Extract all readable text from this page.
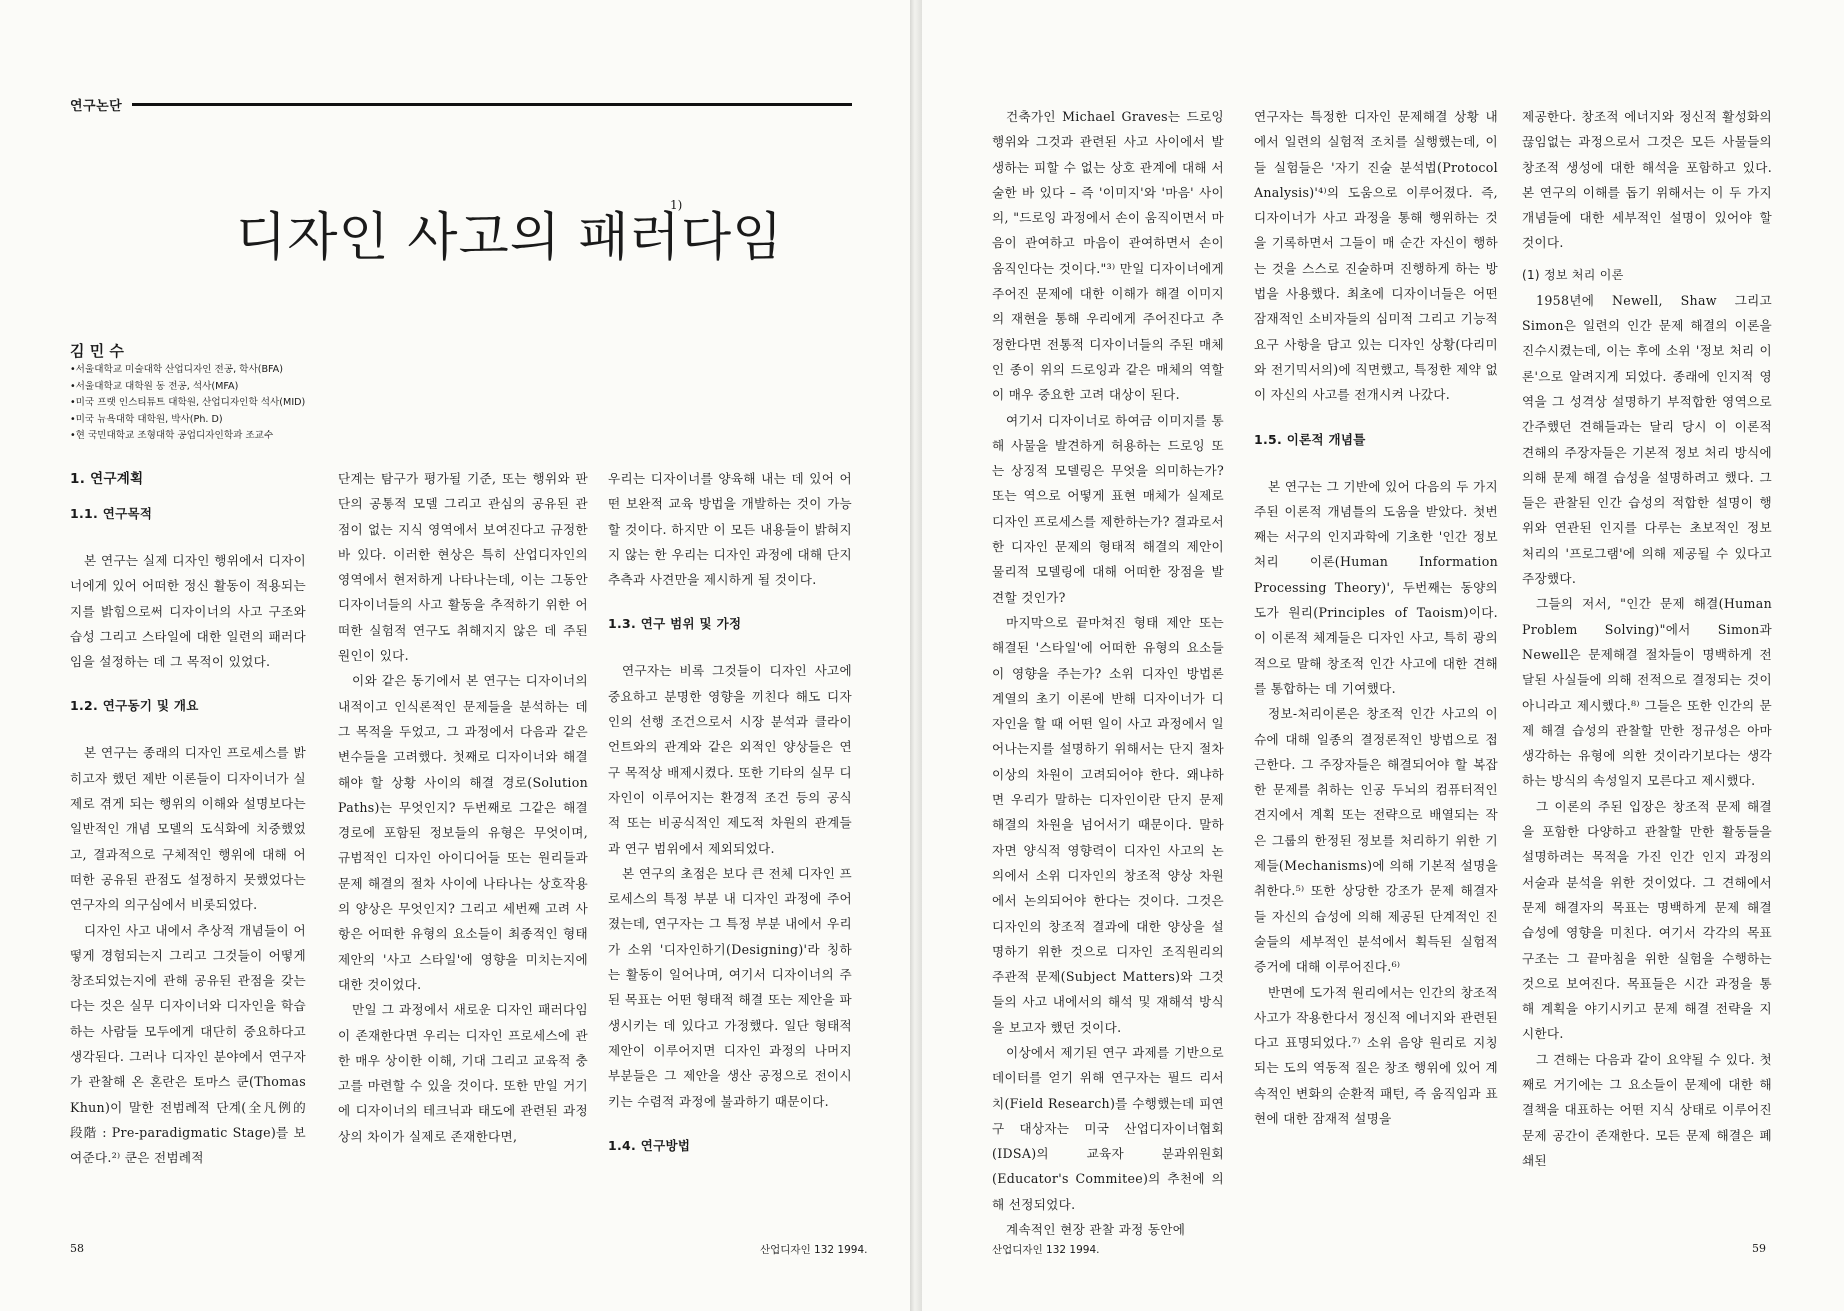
연구논단
디자인 사고의 패러다임
1)
김 민 수
•서울대학교 미술대학 산업디자인 전공, 학사(BFA)
•서울대학교 대학원 동 전공, 석사(MFA)
•미국 프랫 인스티튜트 대학원, 산업디자인학 석사(MID)
•미국 뉴욕대학 대학원, 박사(Ph. D)
•현 국민대학교 조형대학 공업디자인학과 조교수
1. 연구계획
1.1. 연구목적

본 연구는 실제 디자인 행위에서 디자이너에게 있어 어떠한 정신 활동이 적용되는지를 밝힘으로써 디자이너의 사고 구조와 습성 그리고 스타일에 대한 일련의 패러다임을 설정하는 데 그 목적이 있었다.

1.2. 연구동기 및 개요

본 연구는 종래의 디자인 프로세스를 밝히고자 했던 제반 이론들이 디자이너가 실제로 겪게 되는 행위의 이해와 설명보다는 일반적인 개념 모델의 도식화에 치중했었고, 결과적으로 구체적인 행위에 대해 어떠한 공유된 관점도 설정하지 못했었다는 연구자의 의구심에서 비롯되었다.

디자인 사고 내에서 추상적 개념들이 어떻게 경험되는지 그리고 그것들이 어떻게 창조되었는지에 관해 공유된 관점을 갖는다는 것은 실무 디자이너와 디자인을 학습하는 사람들 모두에게 대단히 중요하다고 생각된다. 그러나 디자인 분야에서 연구자가 관찰해 온 혼란은 토마스 쿤(Thomas Khun)이 말한 전범례적 단계(全凡例的 段階 : Pre-paradigmatic Stage)를 보여준다.²⁾ 쿤은 전범례적

단계는 탐구가 평가될 기준, 또는 행위와 판단의 공통적 모델 그리고 관심의 공유된 관점이 없는 지식 영역에서 보여진다고 규정한 바 있다. 이러한 현상은 특히 산업디자인의 영역에서 현저하게 나타나는데, 이는 그동안 디자이너들의 사고 활동을 추적하기 위한 어떠한 실험적 연구도 취해지지 않은 데 주된 원인이 있다.

이와 같은 동기에서 본 연구는 디자이너의 내적이고 인식론적인 문제들을 분석하는 데 그 목적을 두었고, 그 과정에서 다음과 같은 변수들을 고려했다. 첫째로 디자이너와 해결해야 할 상황 사이의 해결 경로(Solution Paths)는 무엇인지? 두번째로 그같은 해결 경로에 포함된 정보들의 유형은 무엇이며, 규범적인 디자인 아이디어들 또는 원리들과 문제 해결의 절차 사이에 나타나는 상호작용의 양상은 무엇인지? 그리고 세번째 고려 사항은 어떠한 유형의 요소들이 최종적인 형태 제안의 '사고 스타일'에 영향을 미치는지에 대한 것이었다.

만일 그 과정에서 새로운 디자인 패러다임이 존재한다면 우리는 디자인 프로세스에 관한 매우 상이한 이해, 기대 그리고 교육적 충고를 마련할 수 있을 것이다. 또한 만일 거기에 디자이너의 테크닉과 태도에 관련된 과정상의 차이가 실제로 존재한다면,

우리는 디자이너를 양육해 내는 데 있어 어떤 보완적 교육 방법을 개발하는 것이 가능할 것이다. 하지만 이 모든 내용들이 밝혀지지 않는 한 우리는 디자인 과정에 대해 단지 추측과 사견만을 제시하게 될 것이다.

1.3. 연구 범위 및 가정

연구자는 비록 그것들이 디자인 사고에 중요하고 분명한 영향을 끼친다 해도 디자인의 선행 조건으로서 시장 분석과 클라이언트와의 관계와 같은 외적인 양상들은 연구 목적상 배제시켰다. 또한 기타의 실무 디자인이 이루어지는 환경적 조건 등의 공식적 또는 비공식적인 제도적 차원의 관계들과 연구 범위에서 제외되었다.

본 연구의 초점은 보다 큰 전체 디자인 프로세스의 특정 부분 내 디자인 과정에 주어졌는데, 연구자는 그 특정 부분 내에서 우리가 소위 '디자인하기(Designing)'라 칭하는 활동이 일어나며, 여기서 디자이너의 주된 목표는 어떤 형태적 해결 또는 제안을 파생시키는 데 있다고 가정했다. 일단 형태적 제안이 이루어지면 디자인 과정의 나머지 부분들은 그 제안을 생산 공정으로 전이시키는 수렴적 과정에 불과하기 때문이다.

1.4. 연구방법
58	산업디자인 132 1994.

건축가인 Michael Graves는 드로잉 행위와 그것과 관련된 사고 사이에서 발생하는 피할 수 없는 상호 관계에 대해 서술한 바 있다 – 즉 '이미지'와 '마음' 사이의, "드로잉 과정에서 손이 움직이면서 마음이 관여하고 마음이 관여하면서 손이 움직인다는 것이다."³⁾ 만일 디자이너에게 주어진 문제에 대한 이해가 해결 이미지의 재현을 통해 우리에게 주어진다고 추정한다면 전통적 디자이너들의 주된 매체인 종이 위의 드로잉과 같은 매체의 역할이 매우 중요한 고려 대상이 된다.

여기서 디자이너로 하여금 이미지를 통해 사물을 발견하게 허용하는 드로잉 또는 상징적 모델링은 무엇을 의미하는가? 또는 역으로 어떻게 표현 매체가 실제로 디자인 프로세스를 제한하는가? 결과로서 한 디자인 문제의 형태적 해결의 제안이 물리적 모델링에 대해 어떠한 장점을 발견할 것인가?

마지막으로 끝마쳐진 형태 제안 또는 해결된 '스타일'에 어떠한 유형의 요소들이 영향을 주는가? 소위 디자인 방법론 계열의 초기 이론에 반해 디자이너가 디자인을 할 때 어떤 일이 사고 과정에서 일어나는지를 설명하기 위해서는 단지 절차 이상의 차원이 고려되어야 한다. 왜냐하면 우리가 말하는 디자인이란 단지 문제 해결의 차원을 넘어서기 때문이다. 말하자면 양식적 영향력이 디자인 사고의 논의에서 소위 디자인의 창조적 양상 차원에서 논의되어야 한다는 것이다. 그것은 디자인의 창조적 결과에 대한 양상을 설명하기 위한 것으로 디자인 조직원리의 주관적 문제(Subject Matters)와 그것들의 사고 내에서의 해석 및 재해석 방식을 보고자 했던 것이다.

이상에서 제기된 연구 과제를 기반으로 데이터를 얻기 위해 연구자는 필드 리서치(Field Research)를 수행했는데 피연구 대상자는 미국 산업디자이너협회(IDSA)의 교육자 분과위원회(Educator's Commitee)의 추천에 의해 선정되었다.

계속적인 현장 관찰 과정 동안에

연구자는 특정한 디자인 문제해결 상황 내에서 일련의 실험적 조치를 실행했는데, 이들 실험들은 '자기 진술 분석법(Protocol Analysis)'⁴⁾의 도움으로 이루어졌다. 즉, 디자이너가 사고 과정을 통해 행위하는 것을 기록하면서 그들이 매 순간 자신이 행하는 것을 스스로 진술하며 진행하게 하는 방법을 사용했다. 최초에 디자이너들은 어떤 잠재적인 소비자들의 심미적 그리고 기능적 요구 사항을 담고 있는 디자인 상황(다리미와 전기믹서의)에 직면했고, 특정한 제약 없이 자신의 사고를 전개시켜 나갔다.

1.5. 이론적 개념틀

본 연구는 그 기반에 있어 다음의 두 가지 주된 이론적 개념틀의 도움을 받았다. 첫번째는 서구의 인지과학에 기초한 '인간 정보 처리 이론(Human Information Processing Theory)', 두번째는 동양의 도가 원리(Principles of Taoism)이다. 이 이론적 체계들은 디자인 사고, 특히 광의적으로 말해 창조적 인간 사고에 대한 견해를 통합하는 데 기여했다.

정보-처리이론은 창조적 인간 사고의 이슈에 대해 일종의 결정론적인 방법으로 접근한다. 그 주장자들은 해결되어야 할 복잡한 문제를 취하는 인공 두뇌의 컴퓨터적인 견지에서 계획 또는 전략으로 배열되는 작은 그룹의 한정된 정보를 처리하기 위한 기제들(Mechanisms)에 의해 기본적 설명을 취한다.⁵⁾ 또한 상당한 강조가 문제 해결자들 자신의 습성에 의해 제공된 단계적인 진술들의 세부적인 분석에서 획득된 실험적 증거에 대해 이루어진다.⁶⁾

반면에 도가적 원리에서는 인간의 창조적 사고가 작용한다서 정신적 에너지와 관련된다고 표명되었다.⁷⁾ 소위 음양 원리로 지칭되는 도의 역동적 질은 창조 행위에 있어 계속적인 변화의 순환적 패턴, 즉 움직임과 표현에 대한 잠재적 설명을

제공한다. 창조적 에너지와 정신적 활성화의 끊임없는 과정으로서 그것은 모든 사물들의 창조적 생성에 대한 해석을 포함하고 있다. 본 연구의 이해를 돕기 위해서는 이 두 가지 개념들에 대한 세부적인 설명이 있어야 할 것이다.

(1) 정보 처리 이론

1958년에 Newell, Shaw 그리고 Simon은 일련의 인간 문제 해결의 이론을 진수시켰는데, 이는 후에 소위 '정보 처리 이론'으로 알려지게 되었다. 종래에 인지적 영역을 그 성격상 설명하기 부적합한 영역으로 간주했던 견해들과는 달리 당시 이 이론적 견해의 주장자들은 기본적 정보 처리 방식에 의해 문제 해결 습성을 설명하려고 했다. 그들은 관찰된 인간 습성의 적합한 설명이 행위와 연관된 인지를 다루는 초보적인 정보 처리의 '프로그램'에 의해 제공될 수 있다고 주장했다.

그들의 저서, "인간 문제 해결(Human Problem Solving)"에서 Simon과 Newell은 문제해결 절차들이 명백하게 전달된 사실들에 의해 전적으로 결정되는 것이 아니라고 제시했다.⁸⁾ 그들은 또한 인간의 문제 해결 습성의 관찰할 만한 정규성은 아마 생각하는 유형에 의한 것이라기보다는 생각하는 방식의 속성일지 모른다고 제시했다.

그 이론의 주된 입장은 창조적 문제 해결을 포함한 다양하고 관찰할 만한 활동들을 설명하려는 목적을 가진 인간 인지 과정의 서술과 분석을 위한 것이었다. 그 견해에서 문제 해결자의 목표는 명백하게 문제 해결 습성에 영향을 미친다. 여기서 각각의 목표 구조는 그 끝마침을 위한 실험을 수행하는 것으로 보여진다. 목표들은 시간 과정을 통해 계획을 야기시키고 문제 해결 전략을 지시한다.

그 견해는 다음과 같이 요약될 수 있다. 첫째로 거기에는 그 요소들이 문제에 대한 해결책을 대표하는 어떤 지식 상태로 이루어진 문제 공간이 존재한다. 모든 문제 해결은 폐쇄된

산업디자인 132 1994.	59
